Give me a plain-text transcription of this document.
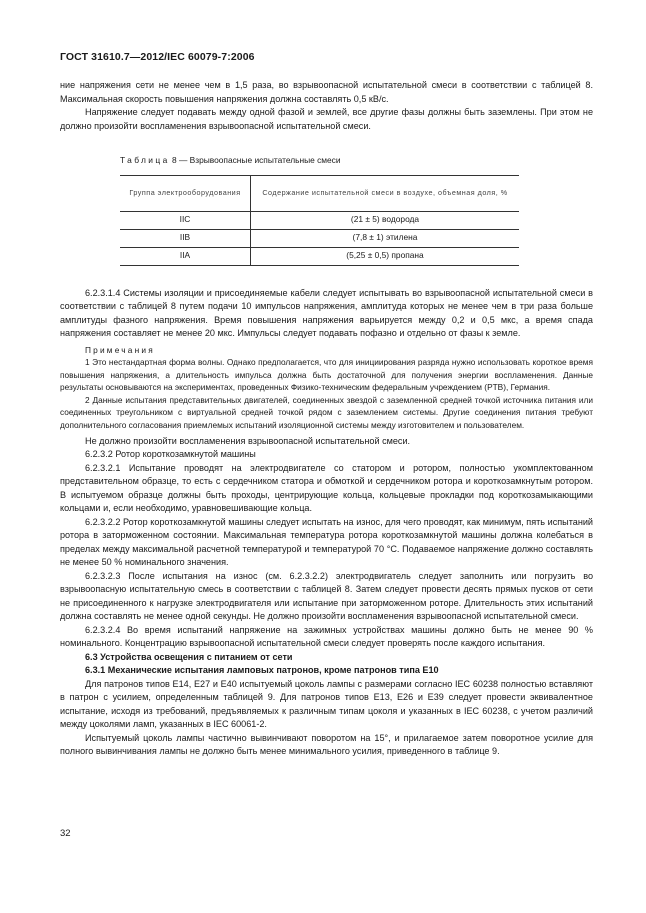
ГОСТ 31610.7—2012/IEC 60079-7:2006

ние напряжения сети не менее чем в 1,5 раза, во взрывоопасной испытательной смеси в соответствии с таблицей 8. Максимальная скорость повышения напряжения должна составлять 0,5 кВ/с.

Напряжение следует подавать между одной фазой и землей, все другие фазы должны быть заземлены. При этом не должно произойти воспламенения взрывоопасной испытательной смеси.

Таблица 8 — Взрывоопасные испытательные смеси
Группа электрооборудования	Содержание испытательной смеси в воздухе, объемная доля, %
IIC	(21 ± 5) водорода
IIB	(7,8 ± 1) этилена
IIA	(5,25 ± 0,5) пропана

6.2.3.1.4 Системы изоляции и присоединяемые кабели следует испытывать во взрывоопасной испытательной смеси в соответствии с таблицей 8 путем подачи 10 импульсов напряжения, амплитуда которых не менее чем в три раза больше амплитуды фазного напряжения. Время повышения напряжения варьируется между 0,2 и 0,5 мкс, а время спада напряжения составляет не менее 20 мкс. Импульсы следует подавать пофазно и отдельно от фазы к земле.

Примечания

1 Это нестандартная форма волны. Однако предполагается, что для инициирования разряда нужно использовать короткое время повышения напряжения, а длительность импульса должна быть достаточной для получения энергии воспламенения. Данные результаты основываются на экспериментах, проведенных Физико-техническим федеральным учреждением (PTB), Германия.

2 Данные испытания представительных двигателей, соединенных звездой с заземленной средней точкой источника питания или соединенных треугольником с виртуальной средней точкой рядом с заземлением системы. Другие соединения питания требуют дополнительного согласования приемлемых испытаний изоляционной системы между изготовителем и пользователем.

Не должно произойти воспламенения взрывоопасной испытательной смеси.

6.2.3.2 Ротор короткозамкнутой машины

6.2.3.2.1 Испытание проводят на электродвигателе со статором и ротором, полностью укомплектованном представительном образце, то есть с сердечником статора и обмоткой и сердечником ротора и короткозамкнутым ротором. В испытуемом образце должны быть проходы, центрирующие кольца, кольцевые прокладки под короткозамыкающими кольцами и, если необходимо, уравновешивающие кольца.

6.2.3.2.2 Ротор короткозамкнутой машины следует испытать на износ, для чего проводят, как минимум, пять испытаний ротора в заторможенном состоянии. Максимальная температура ротора короткозамкнутой машины должна колебаться в пределах между максимальной расчетной температурой и температурой 70 °С. Подаваемое напряжение должно составлять не менее 50 % номинального значения.

6.2.3.2.3 После испытания на износ (см. 6.2.3.2.2) электродвигатель следует заполнить или погрузить во взрывоопасную испытательную смесь в соответствии с таблицей 8. Затем следует провести десять прямых пусков от сети не присоединенного к нагрузке электродвигателя или испытание при заторможенном роторе. Длительность этих испытаний должна составлять не менее одной секунды. Не должно произойти воспламенения взрывоопасной испытательной смеси.

6.2.3.2.4 Во время испытаний напряжение на зажимных устройствах машины должно быть не менее 90 % номинального. Концентрацию взрывоопасной испытательной смеси следует проверять после каждого испытания.

6.3 Устройства освещения с питанием от сети

6.3.1 Механические испытания ламповых патронов, кроме патронов типа E10

Для патронов типов E14, E27 и E40 испытуемый цоколь лампы с размерами согласно IEC 60238 полностью вставляют в патрон с усилием, определенным таблицей 9. Для патронов типов E13, E26 и E39 следует провести эквивалентное испытание, исходя из требований, предъявляемых к различным типам цоколя и указанных в IEC 60238, с учетом различий между цоколями ламп, указанных в IEC 60061-2.

Испытуемый цоколь лампы частично вывинчивают поворотом на 15°, и прилагаемое затем поворотное усилие для полного вывинчивания лампы не должно быть менее минимального усилия, приведенного в таблице 9.

32
